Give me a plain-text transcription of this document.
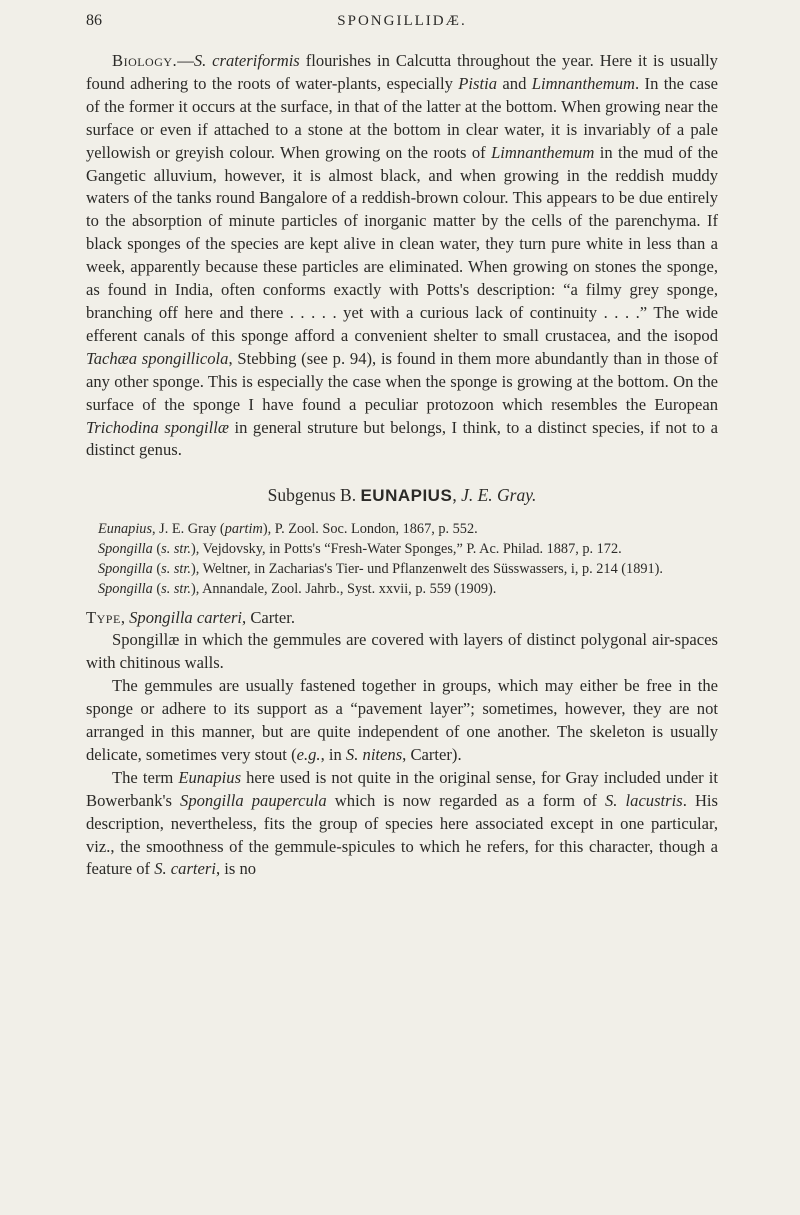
86	SPONGILLIDÆ.

Biology.—S. crateriformis flourishes in Calcutta throughout the year. Here it is usually found adhering to the roots of water-plants, especially Pistia and Limnanthemum. In the case of the former it occurs at the surface, in that of the latter at the bottom. When growing near the surface or even if attached to a stone at the bottom in clear water, it is invariably of a pale yellowish or greyish colour. When growing on the roots of Limnanthemum in the mud of the Gangetic alluvium, however, it is almost black, and when growing in the reddish muddy waters of the tanks round Bangalore of a reddish-brown colour. This appears to be due entirely to the absorption of minute particles of inorganic matter by the cells of the parenchyma. If black sponges of the species are kept alive in clean water, they turn pure white in less than a week, apparently because these particles are eliminated. When growing on stones the sponge, as found in India, often conforms exactly with Potts's description: “a filmy grey sponge, branching off here and there . . . . . yet with a curious lack of continuity . . . .” The wide efferent canals of this sponge afford a convenient shelter to small crustacea, and the isopod Tachæa spongillicola, Stebbing (see p. 94), is found in them more abundantly than in those of any other sponge. This is especially the case when the sponge is growing at the bottom. On the surface of the sponge I have found a peculiar protozoon which resembles the European Trichodina spongillæ in general struture but belongs, I think, to a distinct species, if not to a distinct genus.

Subgenus B. EUNAPIUS, J. E. Gray.

Eunapius, J. E. Gray (partim), P. Zool. Soc. London, 1867, p. 552.

Spongilla (s. str.), Vejdovsky, in Potts's “Fresh-Water Sponges,” P. Ac. Philad. 1887, p. 172.

Spongilla (s. str.), Weltner, in Zacharias's Tier- und Pflanzenwelt des Süsswassers, i, p. 214 (1891).

Spongilla (s. str.), Annandale, Zool. Jahrb., Syst. xxvii, p. 559 (1909).

Type, Spongilla carteri, Carter.

Spongillæ in which the gemmules are covered with layers of distinct polygonal air-spaces with chitinous walls.

The gemmules are usually fastened together in groups, which may either be free in the sponge or adhere to its support as a “pavement layer”; sometimes, however, they are not arranged in this manner, but are quite independent of one another. The skeleton is usually delicate, sometimes very stout (e.g., in S. nitens, Carter).

The term Eunapius here used is not quite in the original sense, for Gray included under it Bowerbank's Spongilla paupercula which is now regarded as a form of S. lacustris. His description, nevertheless, fits the group of species here associated except in one particular, viz., the smoothness of the gemmule-spicules to which he refers, for this character, though a feature of S. carteri, is no
